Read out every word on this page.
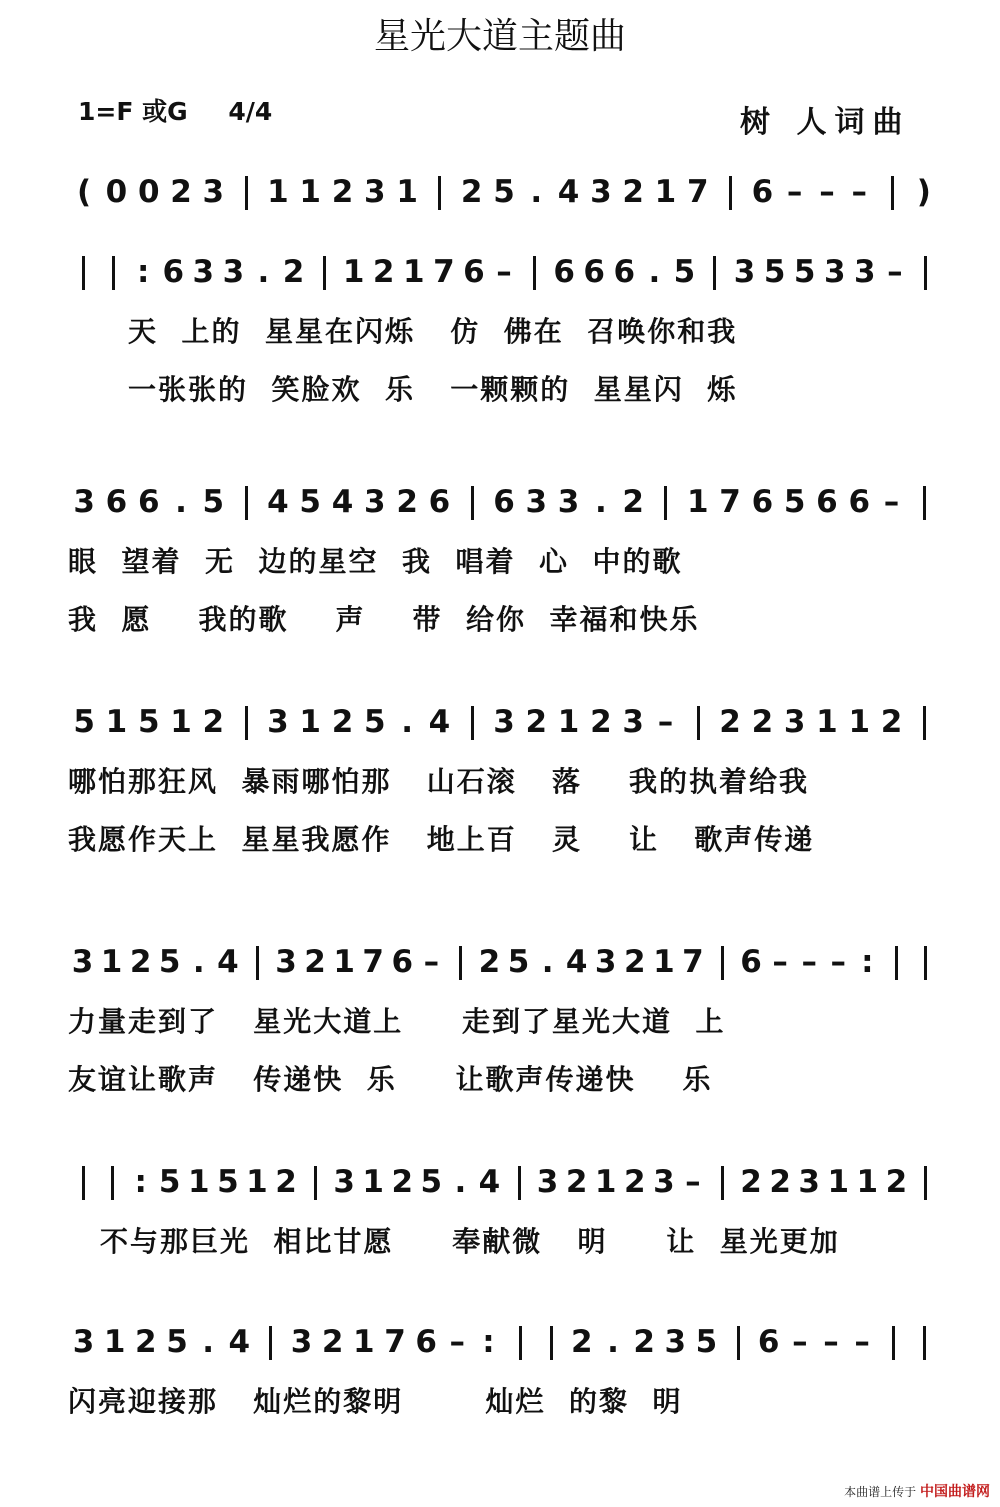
星光大道主题曲
1=F 或G 4/4	树 人词曲
( 0 0 2 3 1 1 2 3 1 2 5 . 4 3 2 1 7 6 – – – )
: 6 3 3 . 2 1 2 1 7 6 – 6 6 6 . 5 3 5 5 3 3 –
天  上的  星星在闪烁   仿  佛在  召唤你和我
一张张的  笑脸欢  乐   一颗颗的  星星闪  烁
3 6 6 . 5 4 5 4 3 2 6 6 3 3 . 2 1 7 6 5 6 6 –
眼  望着  无  边的星空  我  唱着  心  中的歌
我  愿    我的歌    声    带  给你  幸福和快乐
5 1 5 1 2 3 1 2 5 . 4 3 2 1 2 3 – 2 2 3 1 1 2
哪怕那狂风  暴雨哪怕那   山石滚   落    我的执着给我
我愿作天上  星星我愿作   地上百   灵    让   歌声传递
3 1 2 5 . 4 3 2 1 7 6 – 2 5 . 4 3 2 1 7 6 – – – :
力量走到了   星光大道上     走到了星光大道  上
友谊让歌声   传递快  乐     让歌声传递快    乐
: 5 1 5 1 2 3 1 2 5 . 4 3 2 1 2 3 – 2 2 3 1 1 2
不与那巨光  相比甘愿     奉献微   明     让  星光更加
3 1 2 5 . 4 3 2 1 7 6 – : 2 . 2 3 5 6 – – –
闪亮迎接那   灿烂的黎明       灿烂  的黎  明
本曲谱上传于 中国曲谱网
